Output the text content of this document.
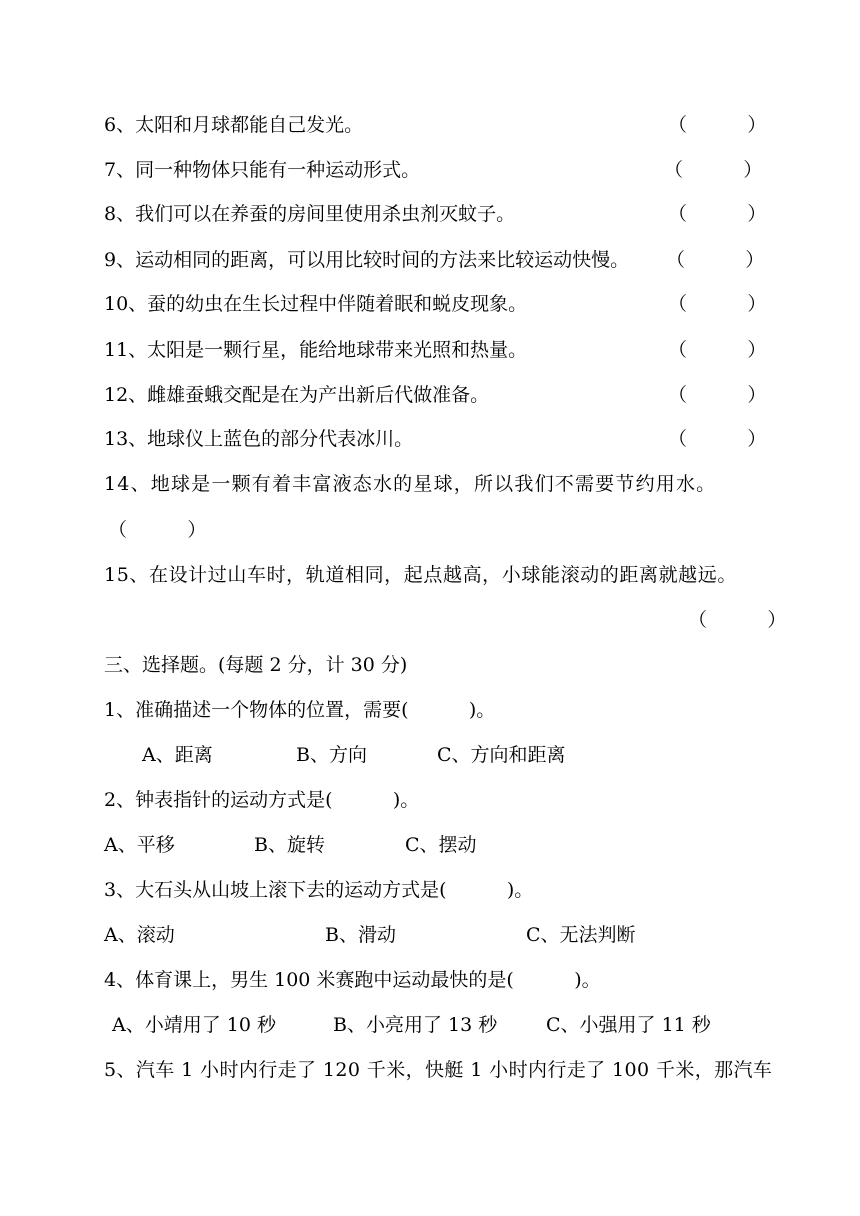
6、太阳和月球都能自己发光。	（          ）
7、同一种物体只能有一种运动形式。	（          ）
8、我们可以在养蚕的房间里使用杀虫剂灭蚊子。	（          ）
9、运动相同的距离，可以用比较时间的方法来比较运动快慢。 （          ）
10、蚕的幼虫在生长过程中伴随着眠和蜕皮现象。	（          ）
11、太阳是一颗行星，能给地球带来光照和热量。	（          ）
12、雌雄蚕蛾交配是在为产出新后代做准备。	（          ）
13、地球仪上蓝色的部分代表冰川。	（          ）
14、地球是一颗有着丰富液态水的星球，所以我们不需要节约用水。
（          ）
15、在设计过山车时，轨道相同，起点越高，小球能滚动的距离就越远。
（          ）
三、选择题。(每题 2 分，计 30 分)
1、准确描述一个物体的位置，需要(          )。
A、距离	B、方向	C、方向和距离
2、钟表指针的运动方式是(          )。
A、平移	B、旋转	C、摆动
3、大石头从山坡上滚下去的运动方式是(          )。
A、滚动	B、滑动	C、无法判断
4、体育课上，男生 100 米赛跑中运动最快的是(          )。
A、小靖用了 10 秒	B、小亮用了 13 秒	C、小强用了 11 秒
5、汽车 1 小时内行走了 120 千米，快艇 1 小时内行走了 100 千米，那汽车
